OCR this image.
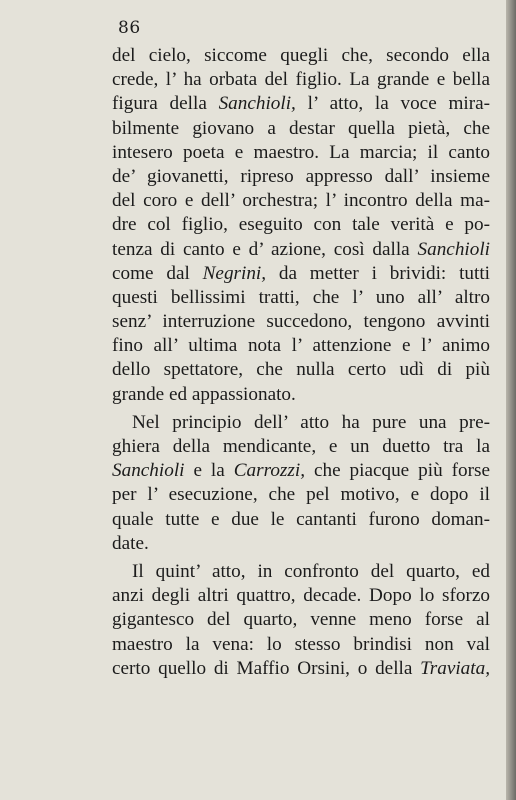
86
del cielo, siccome quegli che, secondo ella
crede, l’ ha orbata del figlio. La grande e bella
figura della Sanchioli, l’ atto, la voce mira-
bilmente giovano a destar quella pietà, che
intesero poeta e maestro. La marcia; il canto
de’ giovanetti, ripreso appresso dall’ insieme
del coro e dell’ orchestra; l’ incontro della ma-
dre col figlio, eseguito con tale verità e po-
tenza di canto e d’ azione, così dalla Sanchioli
come dal Negrini, da metter i brividi: tutti
questi bellissimi tratti, che l’ uno all’ altro
senz’ interruzione succedono, tengono avvinti
fino all’ ultima nota l’ attenzione e l’ animo
dello spettatore, che nulla certo udì di più
grande ed appassionato.
Nel principio dell’ atto ha pure una pre-
ghiera della mendicante, e un duetto tra la
Sanchioli e la Carrozzi, che piacque più forse
per l’ esecuzione, che pel motivo, e dopo il
quale tutte e due le cantanti furono doman-
date.
Il quint’ atto, in confronto del quarto, ed
anzi degli altri quattro, decade. Dopo lo sforzo
gigantesco del quarto, venne meno forse al
maestro la vena: lo stesso brindisi non val
certo quello di Maffio Orsini, o della Traviata,
